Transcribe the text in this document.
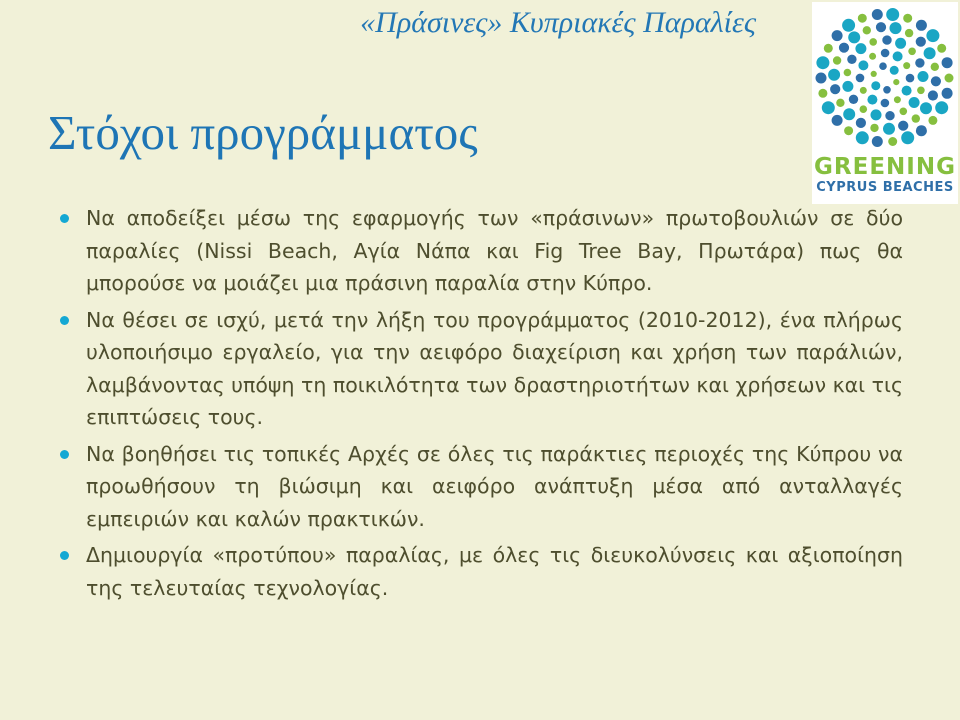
«Πράσινες» Κυπριακές Παραλίες
Στόχοι προγράμματος
GREENING
CYPRUS BEACHES
Να αποδείξει μέσω της εφαρμογής των «πράσινων» πρωτοβουλιών σε δύο παραλίες (Nissi Beach, Αγία Νάπα και Fig Tree Bay, Πρωτάρα) πως θα μπορούσε να μοιάζει μια πράσινη παραλία στην Κύπρο.
Να θέσει σε ισχύ, μετά την λήξη του προγράμματος (2010-2012), ένα πλήρως υλοποιήσιμο εργαλείο, για την αειφόρο διαχείριση και χρήση των παράλιών, λαμβάνοντας υπόψη τη ποικιλότητα των δραστηριοτήτων και χρήσεων και τις επιπτώσεις τους.
Να βοηθήσει τις τοπικές Αρχές σε όλες τις παράκτιες περιοχές της Κύπρου να προωθήσουν τη βιώσιμη και αειφόρο ανάπτυξη μέσα από ανταλλαγές εμπειριών και καλών πρακτικών.
Δημιουργία «προτύπου» παραλίας, με όλες τις διευκολύνσεις και αξιοποίηση της τελευταίας τεχνολογίας.
